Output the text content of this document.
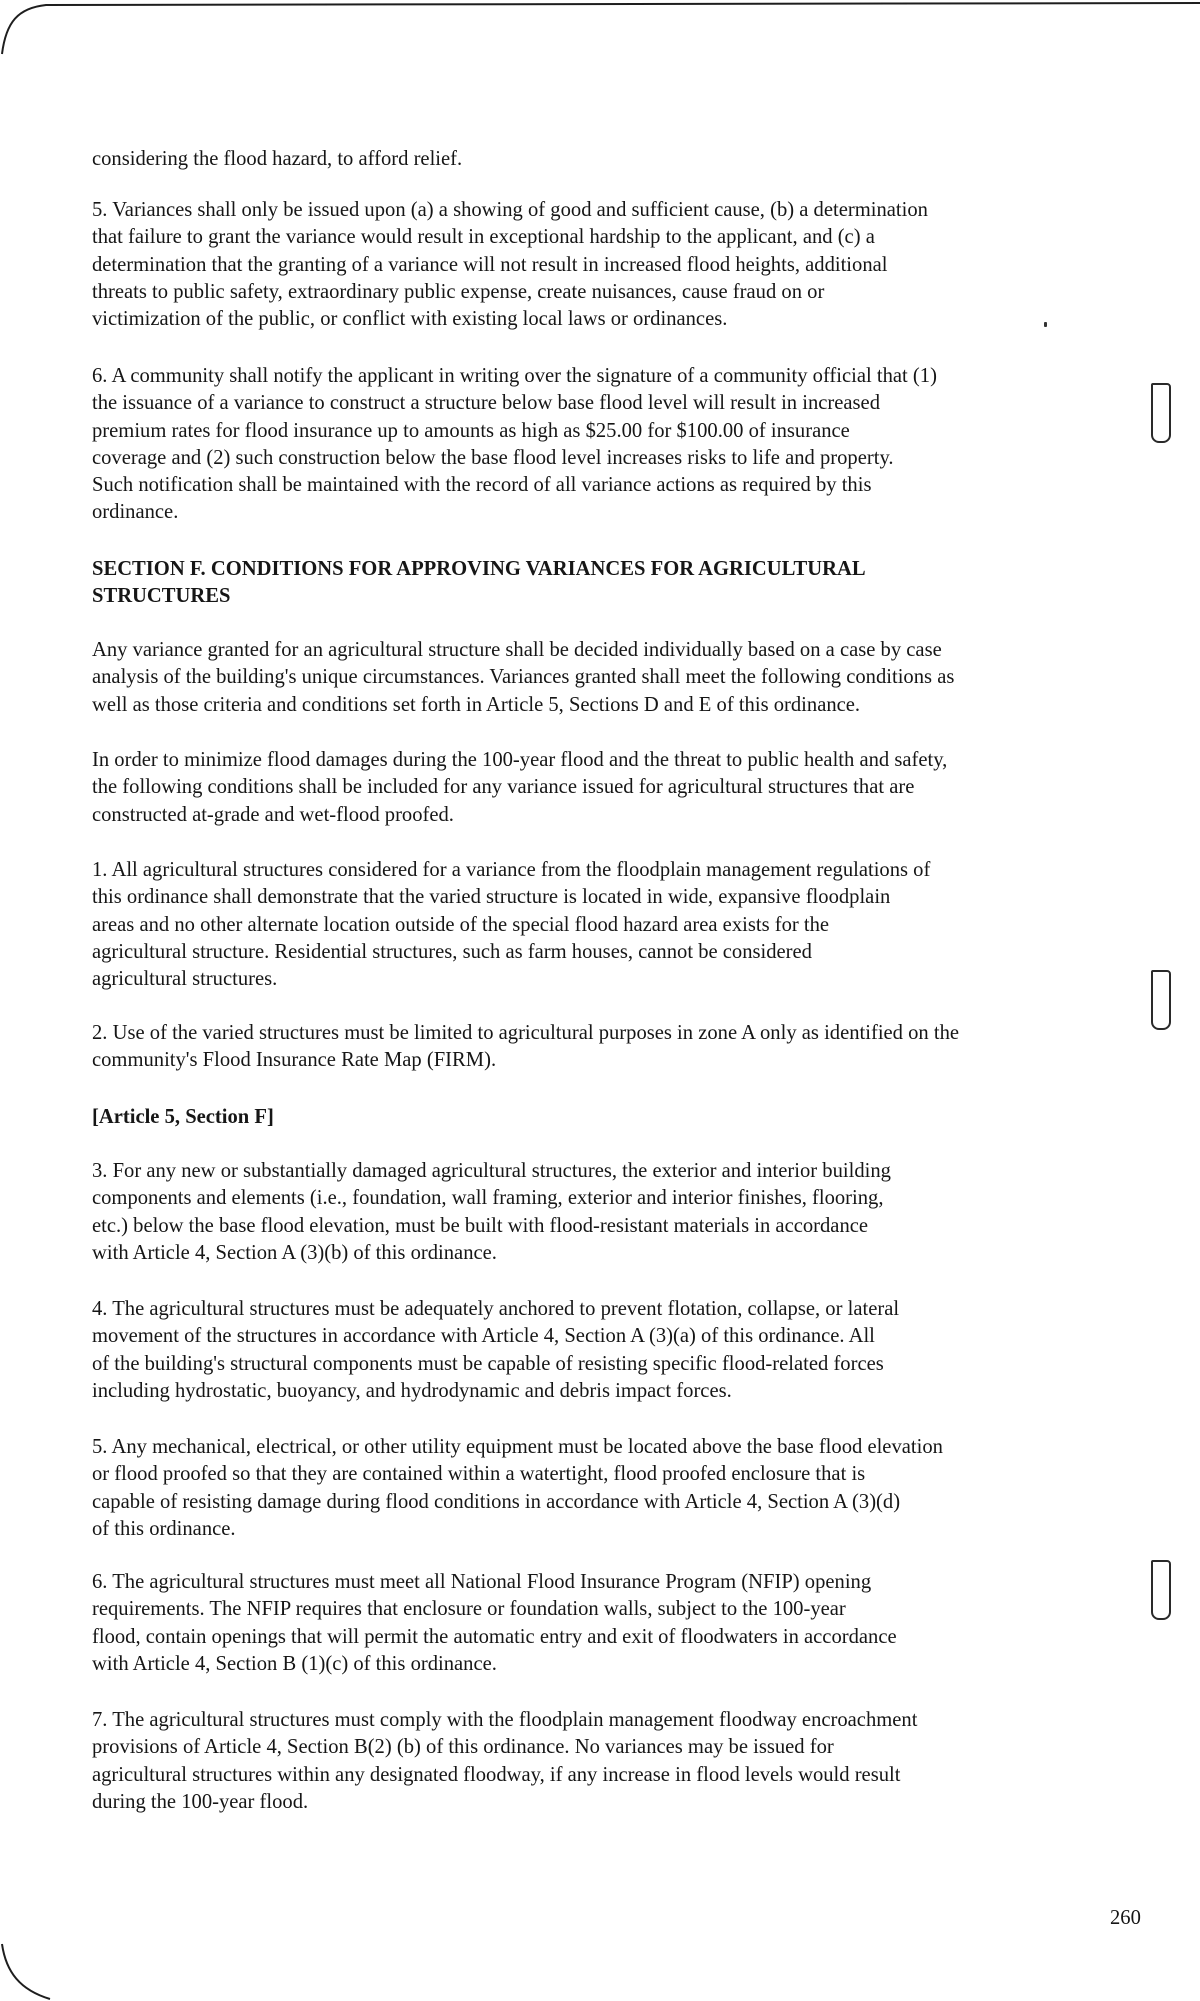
considering the flood hazard, to afford relief.
5. Variances shall only be issued upon (a) a showing of good and sufficient cause, (b) a determination
that failure to grant the variance would result in exceptional hardship to the applicant, and (c) a
determination that the granting of a variance will not result in increased flood heights, additional
threats to public safety, extraordinary public expense, create nuisances, cause fraud on or
victimization of the public, or conflict with existing local laws or ordinances.
6. A community shall notify the applicant in writing over the signature of a community official that (1)
the issuance of a variance to construct a structure below base flood level will result in increased
premium rates for flood insurance up to amounts as high as $25.00 for $100.00 of insurance
coverage and (2) such construction below the base flood level increases risks to life and property.
Such notification shall be maintained with the record of all variance actions as required by this
ordinance.
SECTION F. CONDITIONS FOR APPROVING VARIANCES FOR AGRICULTURAL
STRUCTURES
Any variance granted for an agricultural structure shall be decided individually based on a case by case
analysis of the building's unique circumstances. Variances granted shall meet the following conditions as
well as those criteria and conditions set forth in Article 5, Sections D and E of this ordinance.
In order to minimize flood damages during the 100-year flood and the threat to public health and safety,
the following conditions shall be included for any variance issued for agricultural structures that are
constructed at-grade and wet-flood proofed.
1. All agricultural structures considered for a variance from the floodplain management regulations of
this ordinance shall demonstrate that the varied structure is located in wide, expansive floodplain
areas and no other alternate location outside of the special flood hazard area exists for the
agricultural structure. Residential structures, such as farm houses, cannot be considered
agricultural structures.
2. Use of the varied structures must be limited to agricultural purposes in zone A only as identified on the
community's Flood Insurance Rate Map (FIRM).
[Article 5, Section F]
3. For any new or substantially damaged agricultural structures, the exterior and interior building
components and elements (i.e., foundation, wall framing, exterior and interior finishes, flooring,
etc.) below the base flood elevation, must be built with flood-resistant materials in accordance
with Article 4, Section A (3)(b) of this ordinance.
4. The agricultural structures must be adequately anchored to prevent flotation, collapse, or lateral
movement of the structures in accordance with Article 4, Section A (3)(a) of this ordinance. All
of the building's structural components must be capable of resisting specific flood-related forces
including hydrostatic, buoyancy, and hydrodynamic and debris impact forces.
5. Any mechanical, electrical, or other utility equipment must be located above the base flood elevation
or flood proofed so that they are contained within a watertight, flood proofed enclosure that is
capable of resisting damage during flood conditions in accordance with Article 4, Section A (3)(d)
of this ordinance.
6. The agricultural structures must meet all National Flood Insurance Program (NFIP) opening
requirements. The NFIP requires that enclosure or foundation walls, subject to the 100-year
flood, contain openings that will permit the automatic entry and exit of floodwaters in accordance
with Article 4, Section B (1)(c) of this ordinance.
7. The agricultural structures must comply with the floodplain management floodway encroachment
provisions of Article 4, Section B(2) (b) of this ordinance. No variances may be issued for
agricultural structures within any designated floodway, if any increase in flood levels would result
during the 100-year flood.
260
